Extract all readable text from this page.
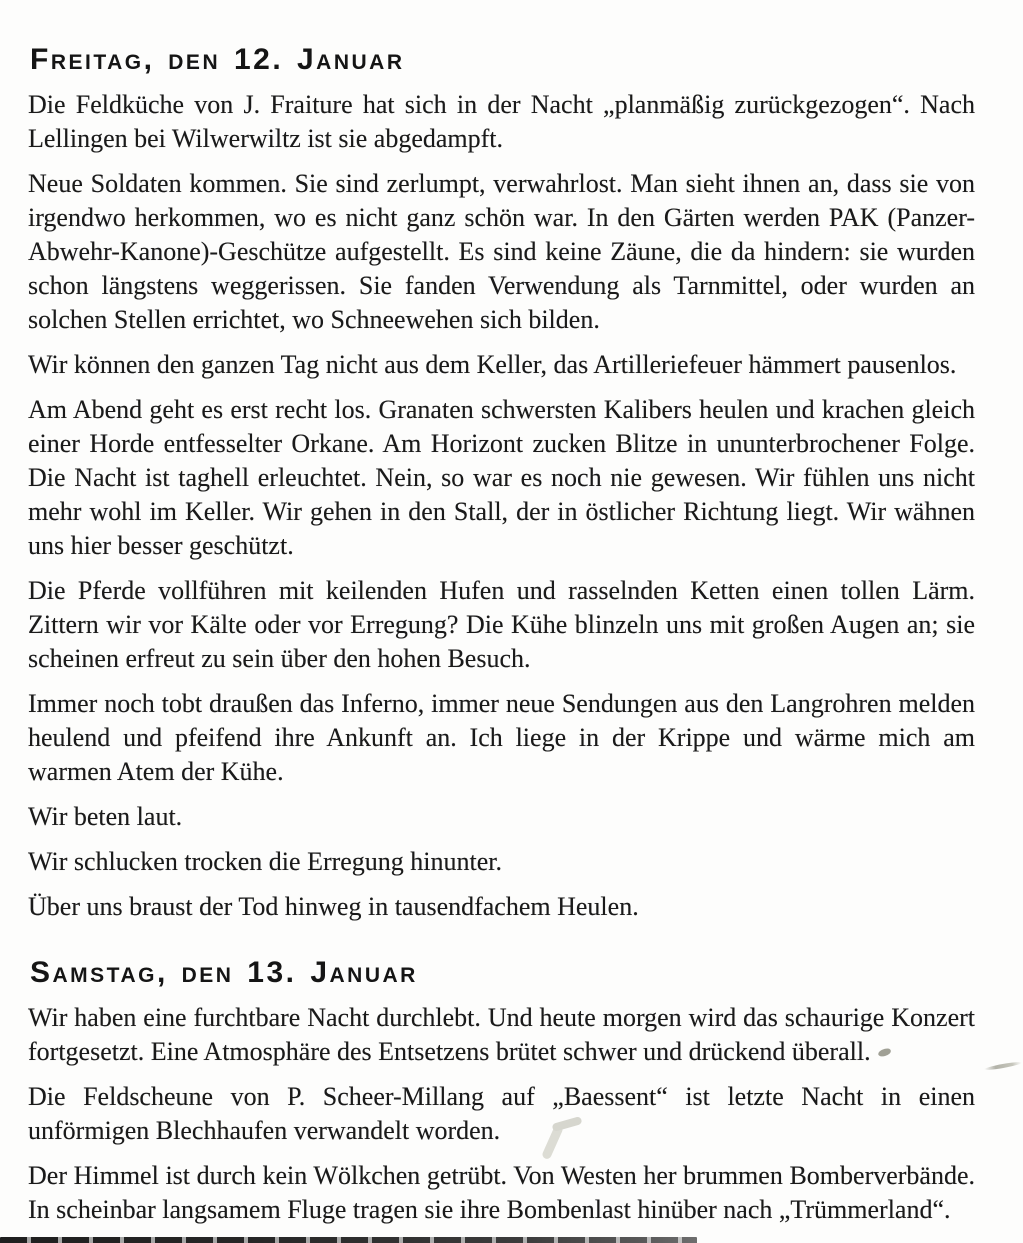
Freitag, den 12. Januar

Die Feldküche von J. Fraiture hat sich in der Nacht „planmäßig zurückgezogen“. Nach Lellingen bei Wilwerwiltz ist sie abgedampft.

Neue Soldaten kommen. Sie sind zerlumpt, verwahrlost. Man sieht ihnen an, dass sie von irgendwo herkommen, wo es nicht ganz schön war. In den Gärten werden PAK (Panzer-Abwehr-Kanone)-Geschütze aufgestellt. Es sind keine Zäune, die da hindern: sie wurden schon längstens weggerissen. Sie fanden Verwendung als Tarnmittel, oder wurden an solchen Stellen errichtet, wo Schneewehen sich bilden.

Wir können den ganzen Tag nicht aus dem Keller, das Artilleriefeuer hämmert pausenlos.

Am Abend geht es erst recht los. Granaten schwersten Kalibers heulen und krachen gleich einer Horde entfesselter Orkane. Am Horizont zucken Blitze in ununterbrochener Folge. Die Nacht ist taghell erleuchtet. Nein, so war es noch nie gewesen. Wir fühlen uns nicht mehr wohl im Keller. Wir gehen in den Stall, der in östlicher Richtung liegt. Wir wähnen uns hier besser geschützt.

Die Pferde vollführen mit keilenden Hufen und rasselnden Ketten einen tollen Lärm. Zittern wir vor Kälte oder vor Erregung? Die Kühe blinzeln uns mit großen Augen an; sie scheinen erfreut zu sein über den hohen Besuch.

Immer noch tobt draußen das Inferno, immer neue Sendungen aus den Langrohren melden heulend und pfeifend ihre Ankunft an. Ich liege in der Krippe und wärme mich am warmen Atem der Kühe.

Wir beten laut.

Wir schlucken trocken die Erregung hinunter.

Über uns braust der Tod hinweg in tausendfachem Heulen.

Samstag, den 13. Januar

Wir haben eine furchtbare Nacht durchlebt. Und heute morgen wird das schaurige Konzert fortgesetzt. Eine Atmosphäre des Entsetzens brütet schwer und drückend überall.

Die Feldscheune von P. Scheer-Millang auf „Baessent“ ist letzte Nacht in einen unförmigen Blechhaufen verwandelt worden.

Der Himmel ist durch kein Wölkchen getrübt. Von Westen her brummen Bomberverbände. In scheinbar langsamem Fluge tragen sie ihre Bombenlast hinüber nach „Trümmerland“.
